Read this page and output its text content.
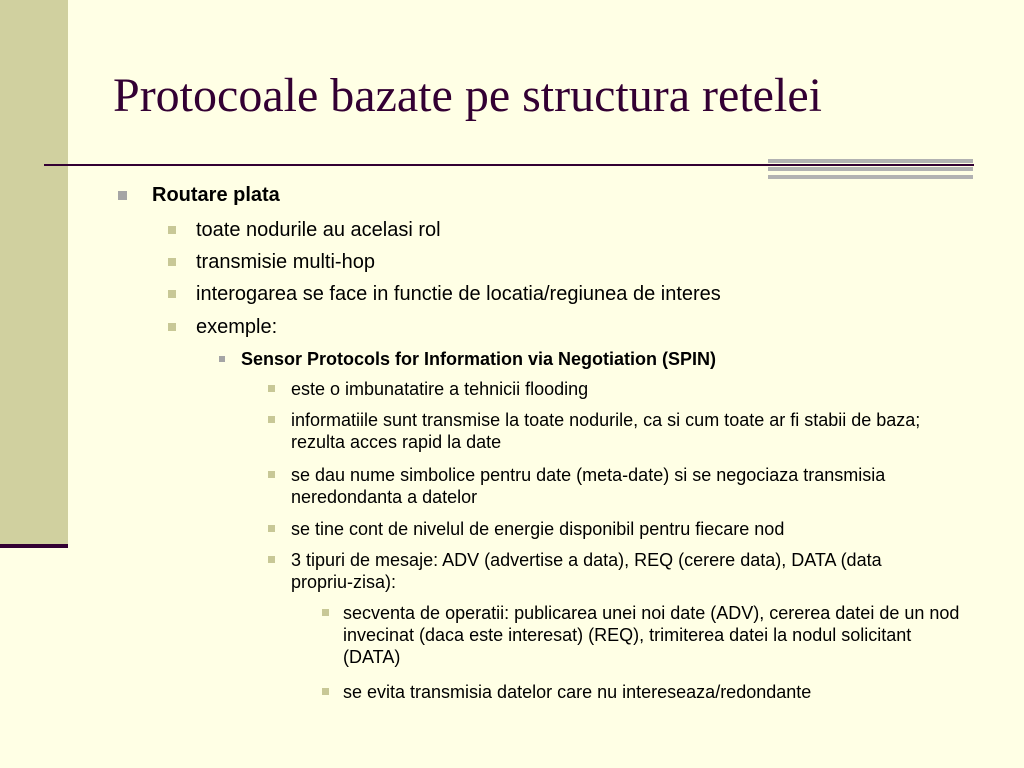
Protocoale bazate pe structura retelei
Routare plata
toate nodurile au acelasi rol
transmisie multi-hop
interogarea se face in functie de locatia/regiunea de interes
exemple:
Sensor Protocols for Information via Negotiation (SPIN)
este o imbunatatire a tehnicii flooding
informatiile sunt transmise la toate nodurile, ca si cum toate ar fi stabii de baza; rezulta acces rapid la date
se dau nume simbolice pentru date (meta-date) si se negociaza transmisia neredondanta a datelor
se tine cont de nivelul de energie disponibil pentru fiecare nod
3 tipuri de mesaje: ADV (advertise a data), REQ (cerere data), DATA (data propriu-zisa):
secventa de operatii: publicarea unei noi date (ADV), cererea datei de un nod invecinat (daca este interesat) (REQ), trimiterea datei la nodul solicitant (DATA)
se evita transmisia datelor care nu intereseaza/redondante
